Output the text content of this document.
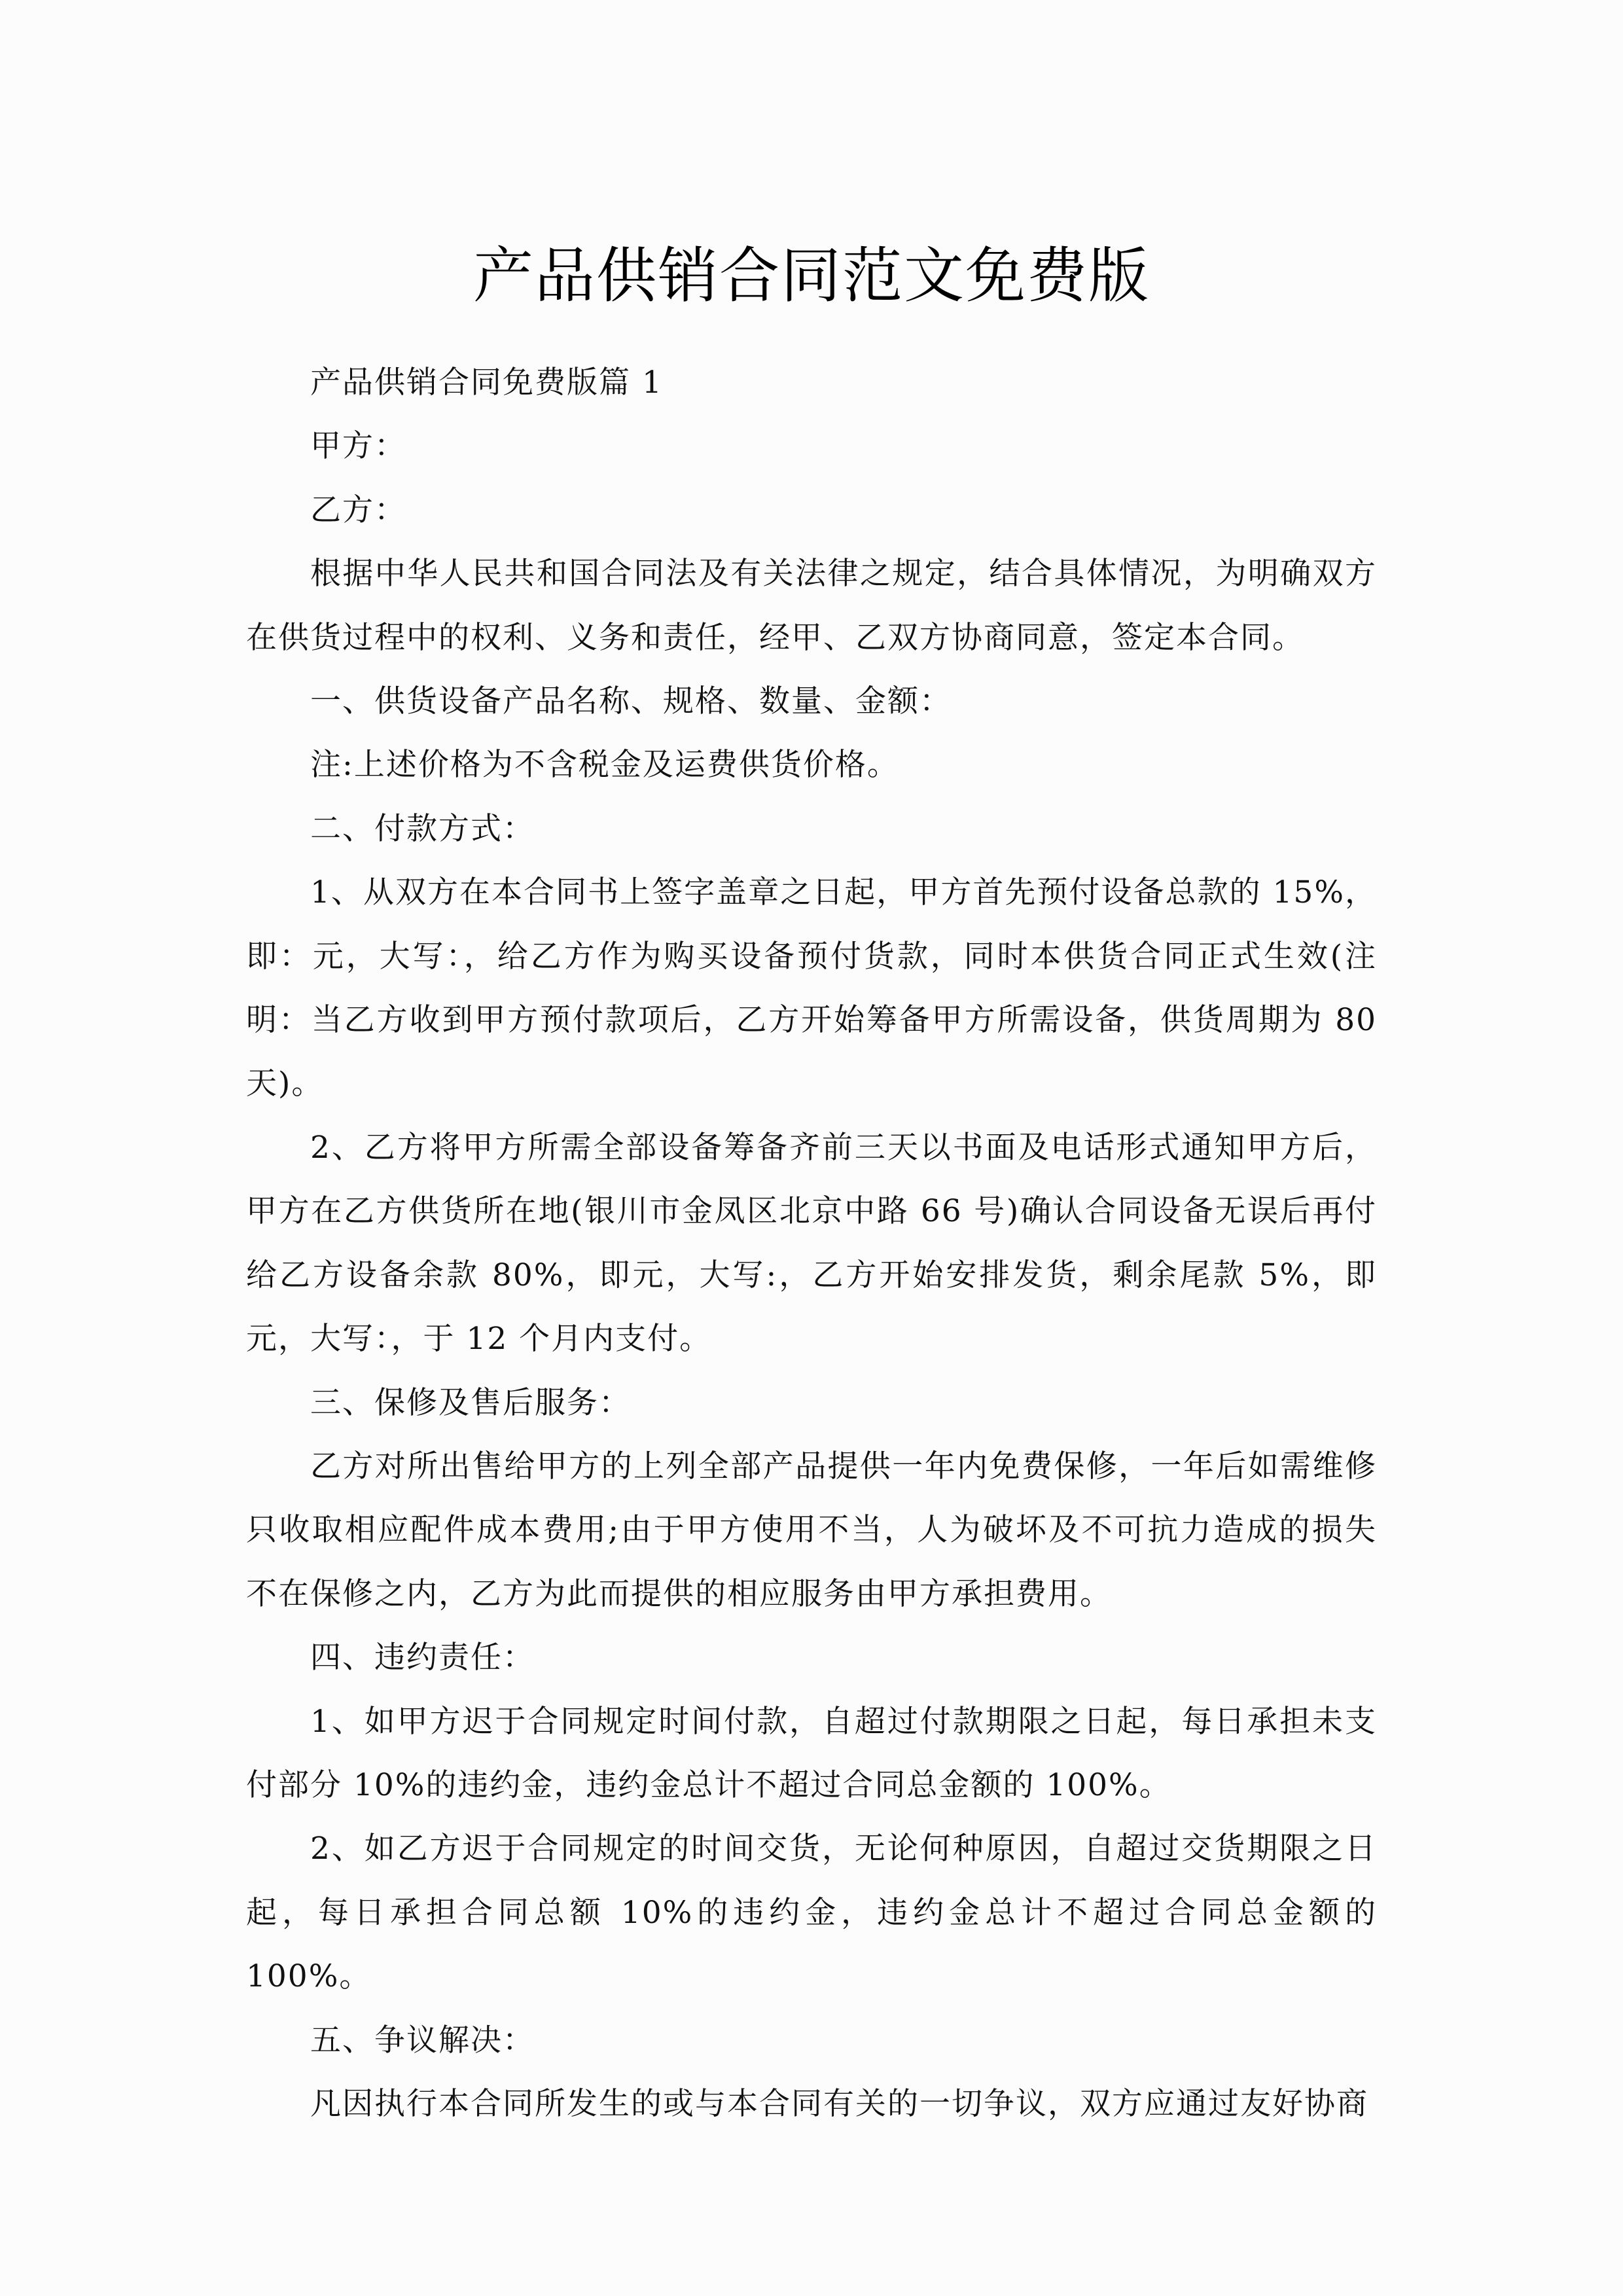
产品供销合同范文免费版

产品供销合同免费版篇 1

甲方：

乙方：

根据中华人民共和国合同法及有关法律之规定，结合具体情况，为明确双方在供货过程中的权利、义务和责任，经甲、乙双方协商同意，签定本合同。

一、供货设备产品名称、规格、数量、金额：

注:上述价格为不含税金及运费供货价格。

二、付款方式：

1、从双方在本合同书上签字盖章之日起，甲方首先预付设备总款的 15%，即：元，大写：，给乙方作为购买设备预付货款，同时本供货合同正式生效(注明：当乙方收到甲方预付款项后，乙方开始筹备甲方所需设备，供货周期为 80 天)。

2、乙方将甲方所需全部设备筹备齐前三天以书面及电话形式通知甲方后，甲方在乙方供货所在地(银川市金凤区北京中路 66 号)确认合同设备无误后再付给乙方设备余款 80%，即元，大写:，乙方开始安排发货，剩余尾款 5%，即元，大写：，于 12 个月内支付。

三、保修及售后服务：

乙方对所出售给甲方的上列全部产品提供一年内免费保修，一年后如需维修只收取相应配件成本费用;由于甲方使用不当，人为破坏及不可抗力造成的损失不在保修之内，乙方为此而提供的相应服务由甲方承担费用。

四、违约责任：

1、如甲方迟于合同规定时间付款，自超过付款期限之日起，每日承担未支付部分 10%的违约金，违约金总计不超过合同总金额的 100%。

2、如乙方迟于合同规定的时间交货，无论何种原因，自超过交货期限之日起，每日承担合同总额 10%的违约金，违约金总计不超过合同总金额的 100%。

五、争议解决：

凡因执行本合同所发生的或与本合同有关的一切争议，双方应通过友好协商
